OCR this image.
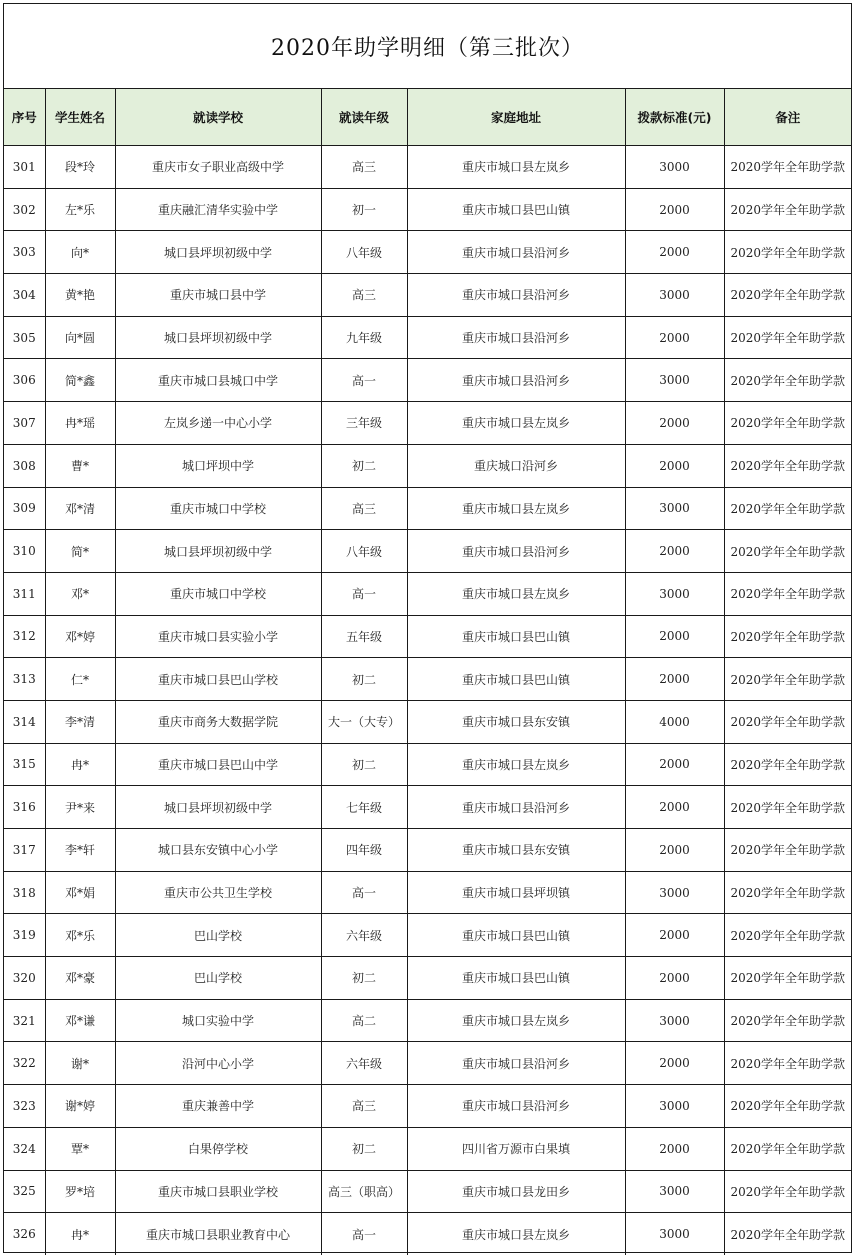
2020年助学明细（第三批次）
序号	学生姓名	就读学校	就读年级	家庭地址	拨款标准(元)	备注
301	段*玲	重庆市女子职业高级中学	高三	重庆市城口县左岚乡	3000	2020学年全年助学款
302	左*乐	重庆融汇清华实验中学	初一	重庆市城口县巴山镇	2000	2020学年全年助学款
303	向*	城口县坪坝初级中学	八年级	重庆市城口县沿河乡	2000	2020学年全年助学款
304	黄*艳	重庆市城口县中学	高三	重庆市城口县沿河乡	3000	2020学年全年助学款
305	向*圆	城口县坪坝初级中学	九年级	重庆市城口县沿河乡	2000	2020学年全年助学款
306	简*鑫	重庆市城口县城口中学	高一	重庆市城口县沿河乡	3000	2020学年全年助学款
307	冉*瑶	左岚乡递一中心小学	三年级	重庆市城口县左岚乡	2000	2020学年全年助学款
308	曹*	城口坪坝中学	初二	重庆城口沿河乡	2000	2020学年全年助学款
309	邓*清	重庆市城口中学校	高三	重庆市城口县左岚乡	3000	2020学年全年助学款
310	简*	城口县坪坝初级中学	八年级	重庆市城口县沿河乡	2000	2020学年全年助学款
311	邓*	重庆市城口中学校	高一	重庆市城口县左岚乡	3000	2020学年全年助学款
312	邓*婷	重庆市城口县实验小学	五年级	重庆市城口县巴山镇	2000	2020学年全年助学款
313	仁*	重庆市城口县巴山学校	初二	重庆市城口县巴山镇	2000	2020学年全年助学款
314	李*清	重庆市商务大数据学院	大一（大专）	重庆市城口县东安镇	4000	2020学年全年助学款
315	冉*	重庆市城口县巴山中学	初二	重庆市城口县左岚乡	2000	2020学年全年助学款
316	尹*来	城口县坪坝初级中学	七年级	重庆市城口县沿河乡	2000	2020学年全年助学款
317	李*轩	城口县东安镇中心小学	四年级	重庆市城口县东安镇	2000	2020学年全年助学款
318	邓*娟	重庆市公共卫生学校	高一	重庆市城口县坪坝镇	3000	2020学年全年助学款
319	邓*乐	巴山学校	六年级	重庆市城口县巴山镇	2000	2020学年全年助学款
320	邓*豪	巴山学校	初二	重庆市城口县巴山镇	2000	2020学年全年助学款
321	邓*谦	城口实验中学	高二	重庆市城口县左岚乡	3000	2020学年全年助学款
322	谢*	沿河中心小学	六年级	重庆市城口县沿河乡	2000	2020学年全年助学款
323	谢*婷	重庆兼善中学	高三	重庆市城口县沿河乡	3000	2020学年全年助学款
324	覃*	白果停学校	初二	四川省万源市白果填	2000	2020学年全年助学款
325	罗*培	重庆市城口县职业学校	高三（职高）	重庆市城口县龙田乡	3000	2020学年全年助学款
326	冉*	重庆市城口县职业教育中心	高一	重庆市城口县左岚乡	3000	2020学年全年助学款
